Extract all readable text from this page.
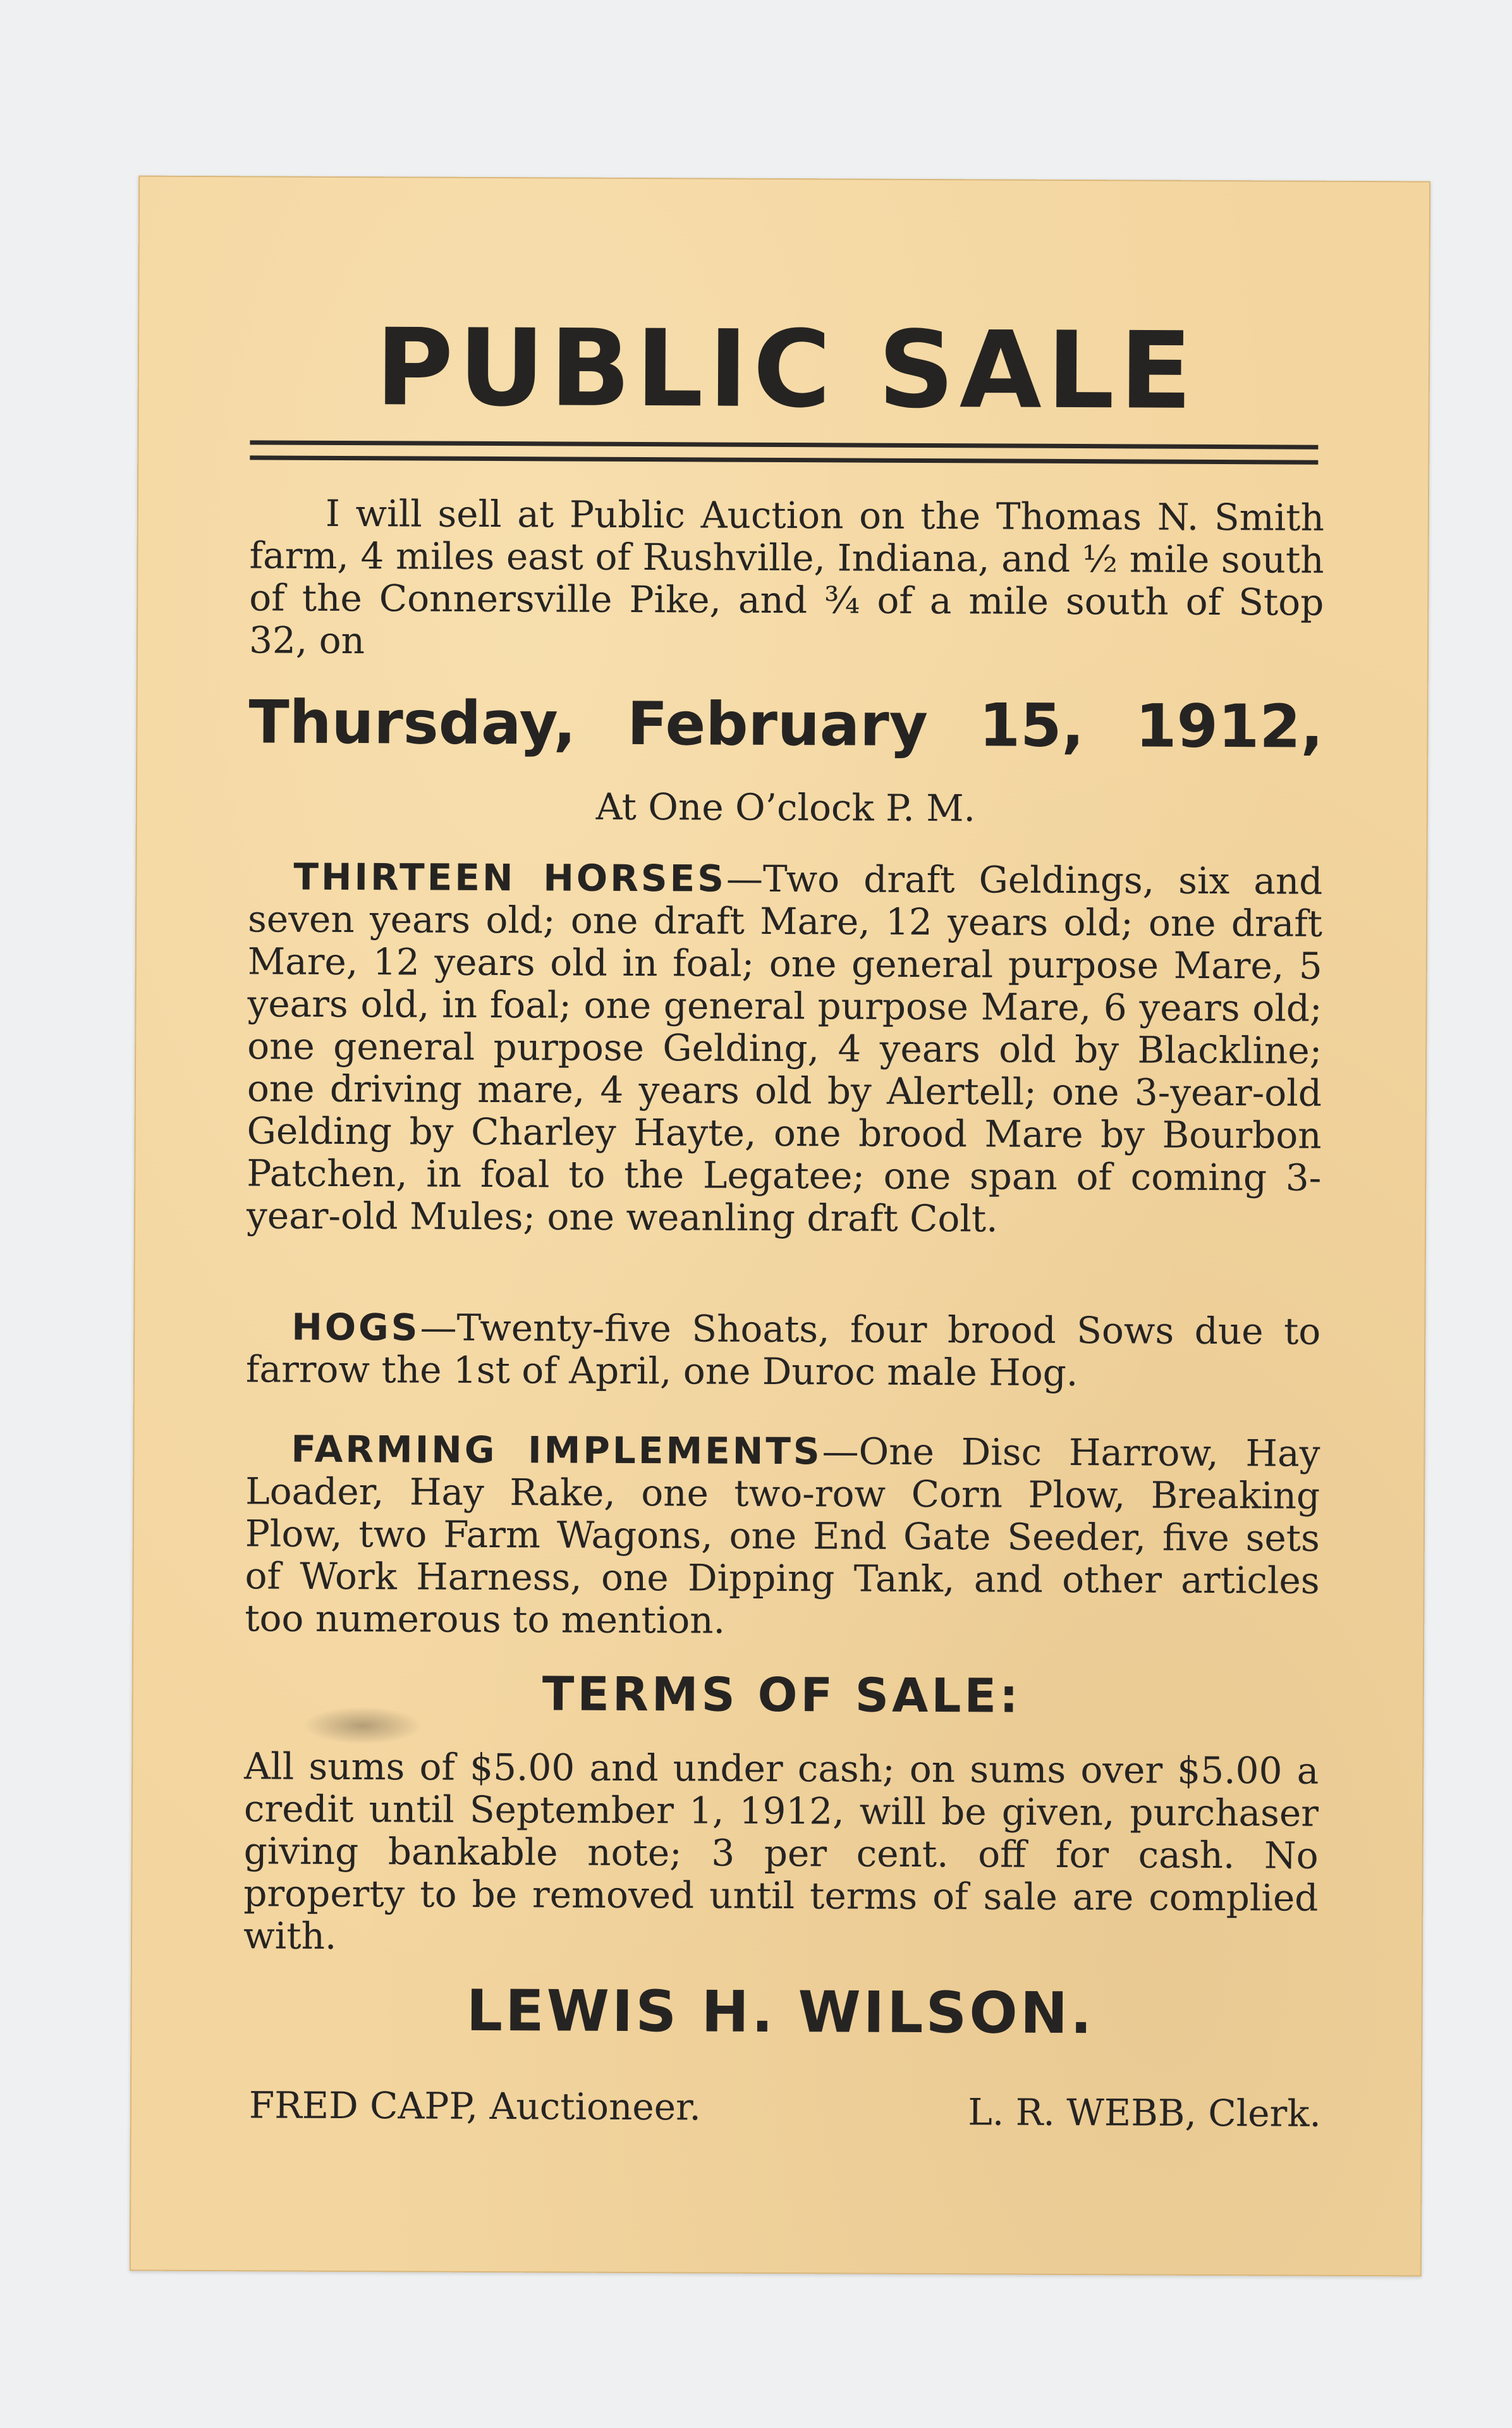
PUBLIC SALE

I will sell at Public Auction on the Thomas N. Smith farm, 4 miles east of Rushville, Indiana, and ½ mile south of the Connersville Pike, and ¾ of a mile south of Stop 32, on

Thursday, February 15, 1912,
At One O’clock P. M.

THIRTEEN HORSES—Two draft Geldings, six and seven years old; one draft Mare, 12 years old; one draft Mare, 12 years old in foal; one general purpose Mare, 5 years old, in foal; one general purpose Mare, 6 years old; one general purpose Gelding, 4 years old by Blackline; one driving mare, 4 years old by Alertell; one 3-year-old Gelding by Charley Hayte, one brood Mare by Bourbon Patchen, in foal to the Legatee; one span of coming 3-year-old Mules; one weanling draft Colt.

HOGS—Twenty-five Shoats, four brood Sows due to farrow the 1st of April, one Duroc male Hog.

FARMING IMPLEMENTS—One Disc Harrow, Hay Loader, Hay Rake, one two-row Corn Plow, Breaking Plow, two Farm Wagons, one End Gate Seeder, five sets of Work Harness, one Dipping Tank, and other articles too numerous to mention.

TERMS OF SALE:

All sums of $5.00 and under cash; on sums over $5.00 a credit until September 1, 1912, will be given, purchaser giving bankable note; 3 per cent. off for cash. No property to be removed until terms of sale are complied with.

LEWIS H. WILSON.
FRED CAPP, Auctioneer.	L. R. WEBB, Clerk.
